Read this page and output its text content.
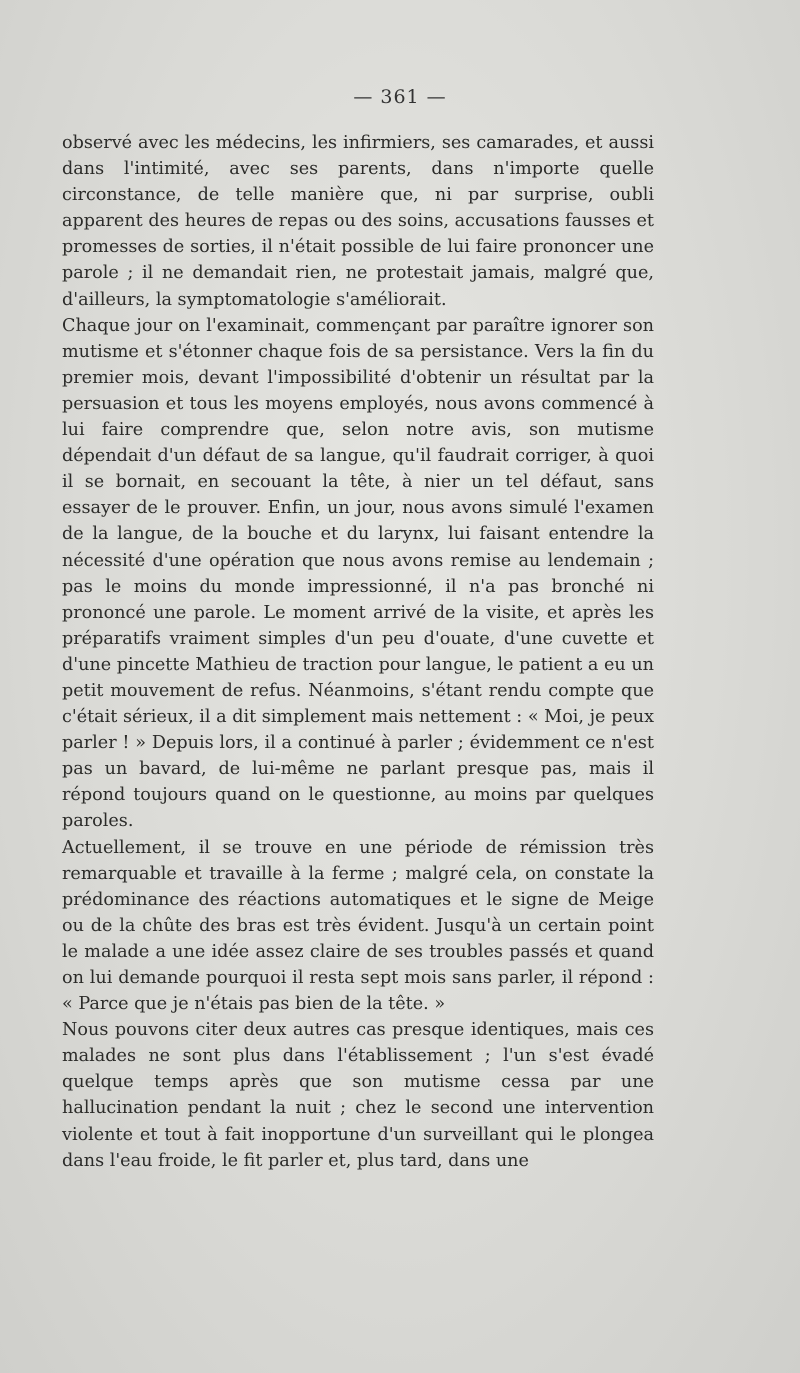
— 361 —

observé avec les médecins, les infirmiers, ses camarades, et aussi dans l'intimité, avec ses parents, dans n'importe quelle circonstance, de telle manière que, ni par surprise, oubli apparent des heures de repas ou des soins, accusations fausses et promesses de sorties, il n'était possible de lui faire prononcer une parole ; il ne demandait rien, ne protestait jamais, malgré que, d'ailleurs, la symptomatologie s'améliorait.

Chaque jour on l'examinait, commençant par paraître ignorer son mutisme et s'étonner chaque fois de sa persistance. Vers la fin du premier mois, devant l'impossibilité d'obtenir un résultat par la persuasion et tous les moyens employés, nous avons commencé à lui faire comprendre que, selon notre avis, son mutisme dépendait d'un défaut de sa langue, qu'il faudrait corriger, à quoi il se bornait, en secouant la tête, à nier un tel défaut, sans essayer de le prouver. Enfin, un jour, nous avons simulé l'examen de la langue, de la bouche et du larynx, lui faisant entendre la nécessité d'une opération que nous avons remise au lendemain ; pas le moins du monde impressionné, il n'a pas bronché ni prononcé une parole. Le moment arrivé de la visite, et après les préparatifs vraiment simples d'un peu d'ouate, d'une cuvette et d'une pincette Mathieu de traction pour langue, le patient a eu un petit mouvement de refus. Néanmoins, s'étant rendu compte que c'était sérieux, il a dit simplement mais nettement : « Moi, je peux parler ! » Depuis lors, il a continué à parler ; évidemment ce n'est pas un bavard, de lui-même ne parlant presque pas, mais il répond toujours quand on le questionne, au moins par quelques paroles.

Actuellement, il se trouve en une période de rémission très remarquable et travaille à la ferme ; malgré cela, on constate la prédominance des réactions automatiques et le signe de Meige ou de la chûte des bras est très évident. Jusqu'à un certain point le malade a une idée assez claire de ses troubles passés et quand on lui demande pourquoi il resta sept mois sans parler, il répond : « Parce que je n'étais pas bien de la tête. »

Nous pouvons citer deux autres cas presque identiques, mais ces malades ne sont plus dans l'établissement ; l'un s'est évadé quelque temps après que son mutisme cessa par une hallucination pendant la nuit ; chez le second une intervention violente et tout à fait inopportune d'un surveillant qui le plongea dans l'eau froide, le fit parler et, plus tard, dans une
